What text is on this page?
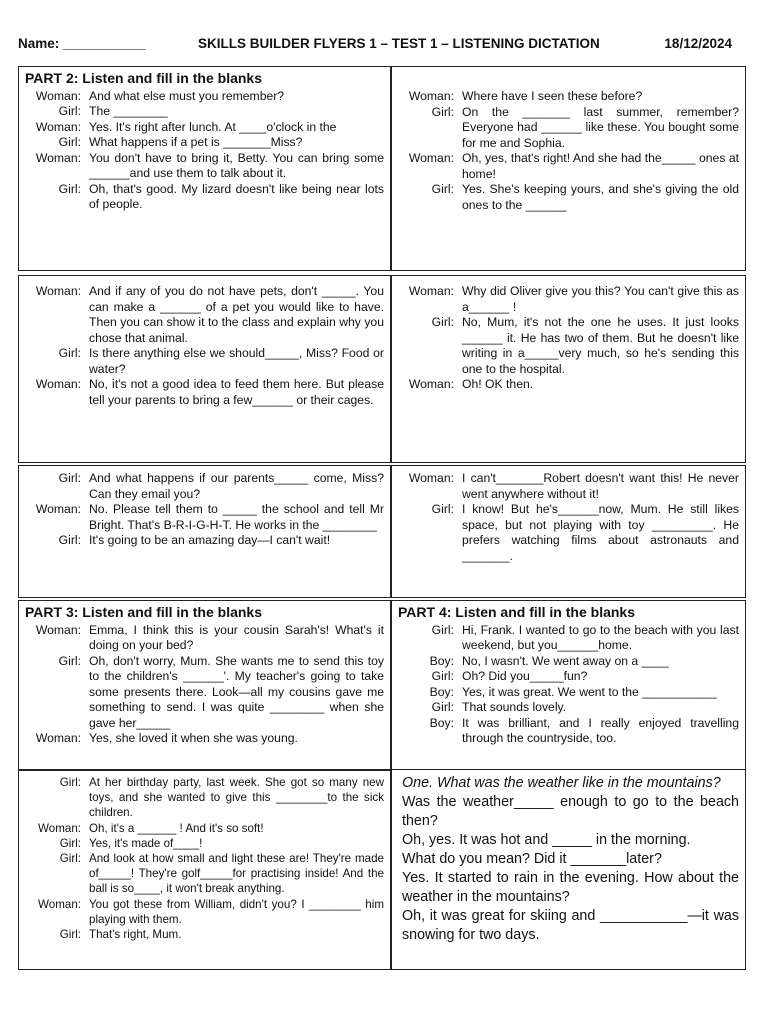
Name: ___________	SKILLS BUILDER FLYERS 1 – TEST 1 – LISTENING DICTATION	18/12/2024
PART 2: Listen and fill in the blanks
Woman: And what else must you remember?
Girl: The ________
Woman: Yes. It's right after lunch. At ____o'clock in the
Girl: What happens if a pet is _______Miss?
Woman: You don't have to bring it, Betty. You can bring some ______and use them to talk about it.
Girl: Oh, that's good. My lizard doesn't like being near lots of people.
Woman: And if any of you do not have pets, don't _____. You can make a ______ of a pet you would like to have. Then you can show it to the class and explain why you chose that animal.
Girl: Is there anything else we should_____, Miss? Food or water?
Woman: No, it's not a good idea to feed them here. But please tell your parents to bring a few______ or their cages.
Girl: And what happens if our parents_____ come, Miss? Can they email you?
Woman: No. Please tell them to _____ the school and tell Mr Bright. That's B-R-I-G-H-T. He works in the ________
Girl: It's going to be an amazing day—I can't wait!
PART 3: Listen and fill in the blanks
Woman: Emma, I think this is your cousin Sarah's! What's it doing on your bed?
Girl: Oh, don't worry, Mum. She wants me to send this toy to the children's ______'. My teacher's going to take some presents there. Look—all my cousins gave me something to send. I was quite ________ when she gave her_____
Woman: Yes, she loved it when she was young.
Girl: At her birthday party, last week. She got so many new toys, and she wanted to give this ________to the sick children.
Woman: Oh, it's a ______ ! And it's so soft!
Girl: Yes, it's made of____!
Girl: And look at how small and light these are! They're made of_____! They're golf_____for practising inside! And the ball is so____, it won't break anything.
Woman: You got these from William, didn't you? I ________ him playing with them.
Girl: That's right, Mum.
Woman: Where have I seen these before?
Girl: On the _______ last summer, remember? Everyone had ______ like these. You bought some for me and Sophia.
Woman: Oh, yes, that's right! And she had the_____ ones at home!
Girl: Yes. She's keeping yours, and she's giving the old ones to the ______
Woman: Why did Oliver give you this? You can't give this as a______ !
Girl: No, Mum, it's not the one he uses. It just looks ______ it. He has two of them. But he doesn't like writing in a_____very much, so he's sending this one to the hospital.
Woman: Oh! OK then.
Woman: I can't_______Robert doesn't want this! He never went anywhere without it!
Girl: I know! But he's______now, Mum. He still likes space, but not playing with toy _________. He prefers watching films about astronauts and _______.
PART 4: Listen and fill in the blanks
Girl: Hi, Frank. I wanted to go to the beach with you last weekend, but you______home.
Boy: No, I wasn't. We went away on a ____
Girl: Oh? Did you_____fun?
Boy: Yes, it was great. We went to the ___________
Girl: That sounds lovely.
Boy: It was brilliant, and I really enjoyed travelling through the countryside, too.
One. What was the weather like in the mountains?
Was the weather_____ enough to go to the beach then?
Oh, yes. It was hot and _____ in the morning.
What do you mean? Did it _______later?
Yes. It started to rain in the evening. How about the weather in the mountains?
Oh, it was great for skiing and ___________—it was snowing for two days.
